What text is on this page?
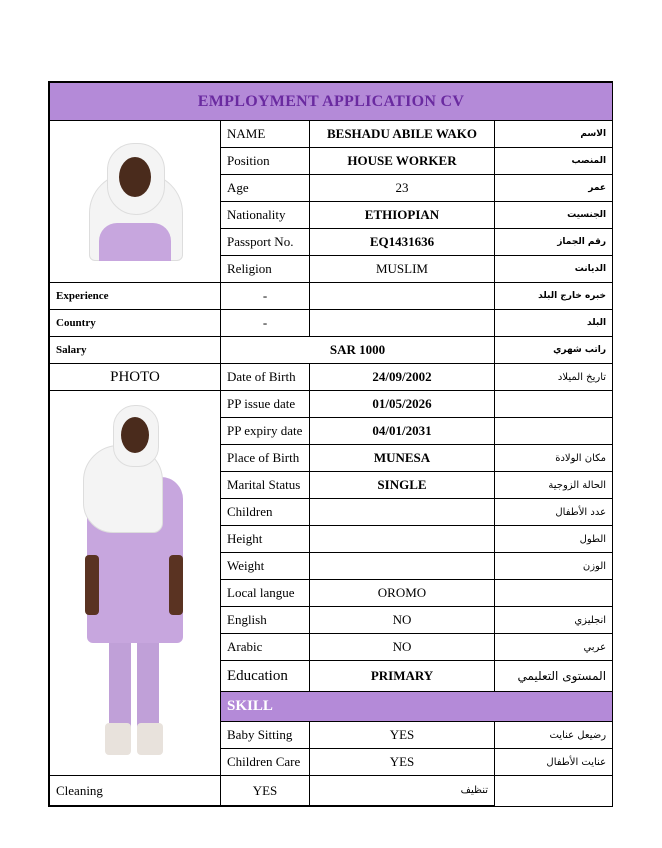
EMPLOYMENT APPLICATION CV			

	NAME	BESHADU ABILE WAKO	الاسم
	Position	HOUSE WORKER	المنصب
	Age	23	عمر
	Nationality	ETHIOPIAN	الجنسيت
	Passport No.	EQ1431636	رقم الجماز
	Religion	MUSLIM	الديانت
Experience	-		خبره خارج البلد
Country	-		البلد
Salary	SAR 1000		راتب شهري
PHOTO	Date of Birth	24/09/2002	تاريخ الميلاد

	PP issue date	01/05/2026	
	PP expiry date	04/01/2031	
	Place of Birth	MUNESA	مكان الولادة
	Marital Status	SINGLE	الحالة الزوجية
	Children		عدد الأطفال
	Height		الطول
	Weight		الوزن
	Local langue	OROMO	
	English	NO	انجليزي
	Arabic	NO	عربي
	Education	PRIMARY	المستوى التعليمي
	SKILL		
	Baby Sitting	YES	رضيعل عنايت
	Children Care	YES	عنايت الأطفال
Cleaning	YES	تنظيف	
